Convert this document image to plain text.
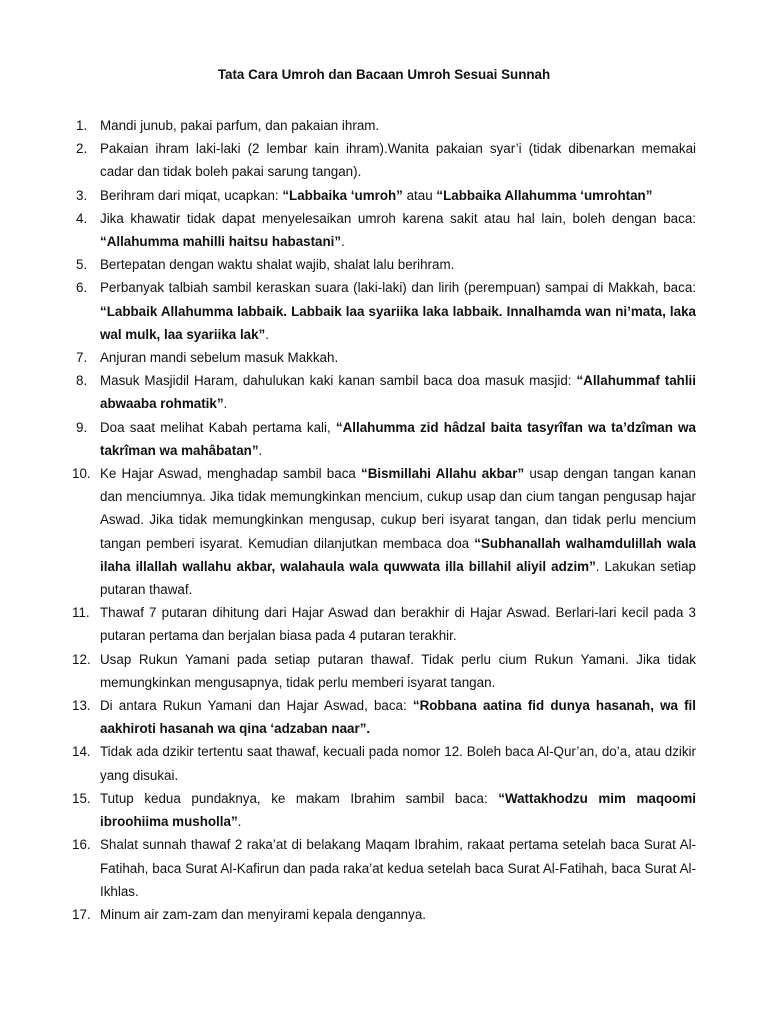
Tata Cara Umroh dan Bacaan Umroh Sesuai Sunnah
1. Mandi junub, pakai parfum, dan pakaian ihram.
2. Pakaian ihram laki-laki (2 lembar kain ihram).Wanita pakaian syar’i (tidak dibenarkan memakai cadar dan tidak boleh pakai sarung tangan).
3. Berihram dari miqat, ucapkan: “Labbaika ‘umroh” atau “Labbaika Allahumma ‘umrohtan”
4. Jika khawatir tidak dapat menyelesaikan umroh karena sakit atau hal lain, boleh dengan baca: “Allahumma mahilli haitsu habastani”.
5. Bertepatan dengan waktu shalat wajib, shalat lalu berihram.
6. Perbanyak talbiah sambil keraskan suara (laki-laki) dan lirih (perempuan) sampai di Makkah, baca: “Labbaik Allahumma labbaik. Labbaik laa syariika laka labbaik. Innalhamda wan ni’mata, laka wal mulk, laa syariika lak”.
7. Anjuran mandi sebelum masuk Makkah.
8. Masuk Masjidil Haram, dahulukan kaki kanan sambil baca doa masuk masjid: “Allahummaf tahlii abwaaba rohmatik”.
9. Doa saat melihat Kabah pertama kali, “Allahumma zid hâdzal baita tasyrîfan wa ta’dzîman wa takrîman wa mahâbatan”.
10. Ke Hajar Aswad, menghadap sambil baca “Bismillahi Allahu akbar” usap dengan tangan kanan dan menciumnya. Jika tidak memungkinkan mencium, cukup usap dan cium tangan pengusap hajar Aswad. Jika tidak memungkinkan mengusap, cukup beri isyarat tangan, dan tidak perlu mencium tangan pemberi isyarat. Kemudian dilanjutkan membaca doa “Subhanallah walhamdulillah wala ilaha illallah wallahu akbar, walahaula wala quwwata illa billahil aliyil adzim”. Lakukan setiap putaran thawaf.
11. Thawaf 7 putaran dihitung dari Hajar Aswad dan berakhir di Hajar Aswad. Berlari-lari kecil pada 3 putaran pertama dan berjalan biasa pada 4 putaran terakhir.
12. Usap Rukun Yamani pada setiap putaran thawaf. Tidak perlu cium Rukun Yamani. Jika tidak memungkinkan mengusapnya, tidak perlu memberi isyarat tangan.
13. Di antara Rukun Yamani dan Hajar Aswad, baca: “Robbana aatina fid dunya hasanah, wa fil aakhiroti hasanah wa qina ‘adzaban naar”.
14. Tidak ada dzikir tertentu saat thawaf, kecuali pada nomor 12. Boleh baca Al-Qur’an, do’a, atau dzikir yang disukai.
15. Tutup kedua pundaknya, ke makam Ibrahim sambil baca: “Wattakhodzu mim maqoomi ibroohiima musholla”.
16. Shalat sunnah thawaf 2 raka’at di belakang Maqam Ibrahim, rakaat pertama setelah baca Surat Al-Fatihah, baca Surat Al-Kafirun dan pada raka’at kedua setelah baca Surat Al-Fatihah, baca Surat Al-Ikhlas.
17. Minum air zam-zam dan menyirami kepala dengannya.
